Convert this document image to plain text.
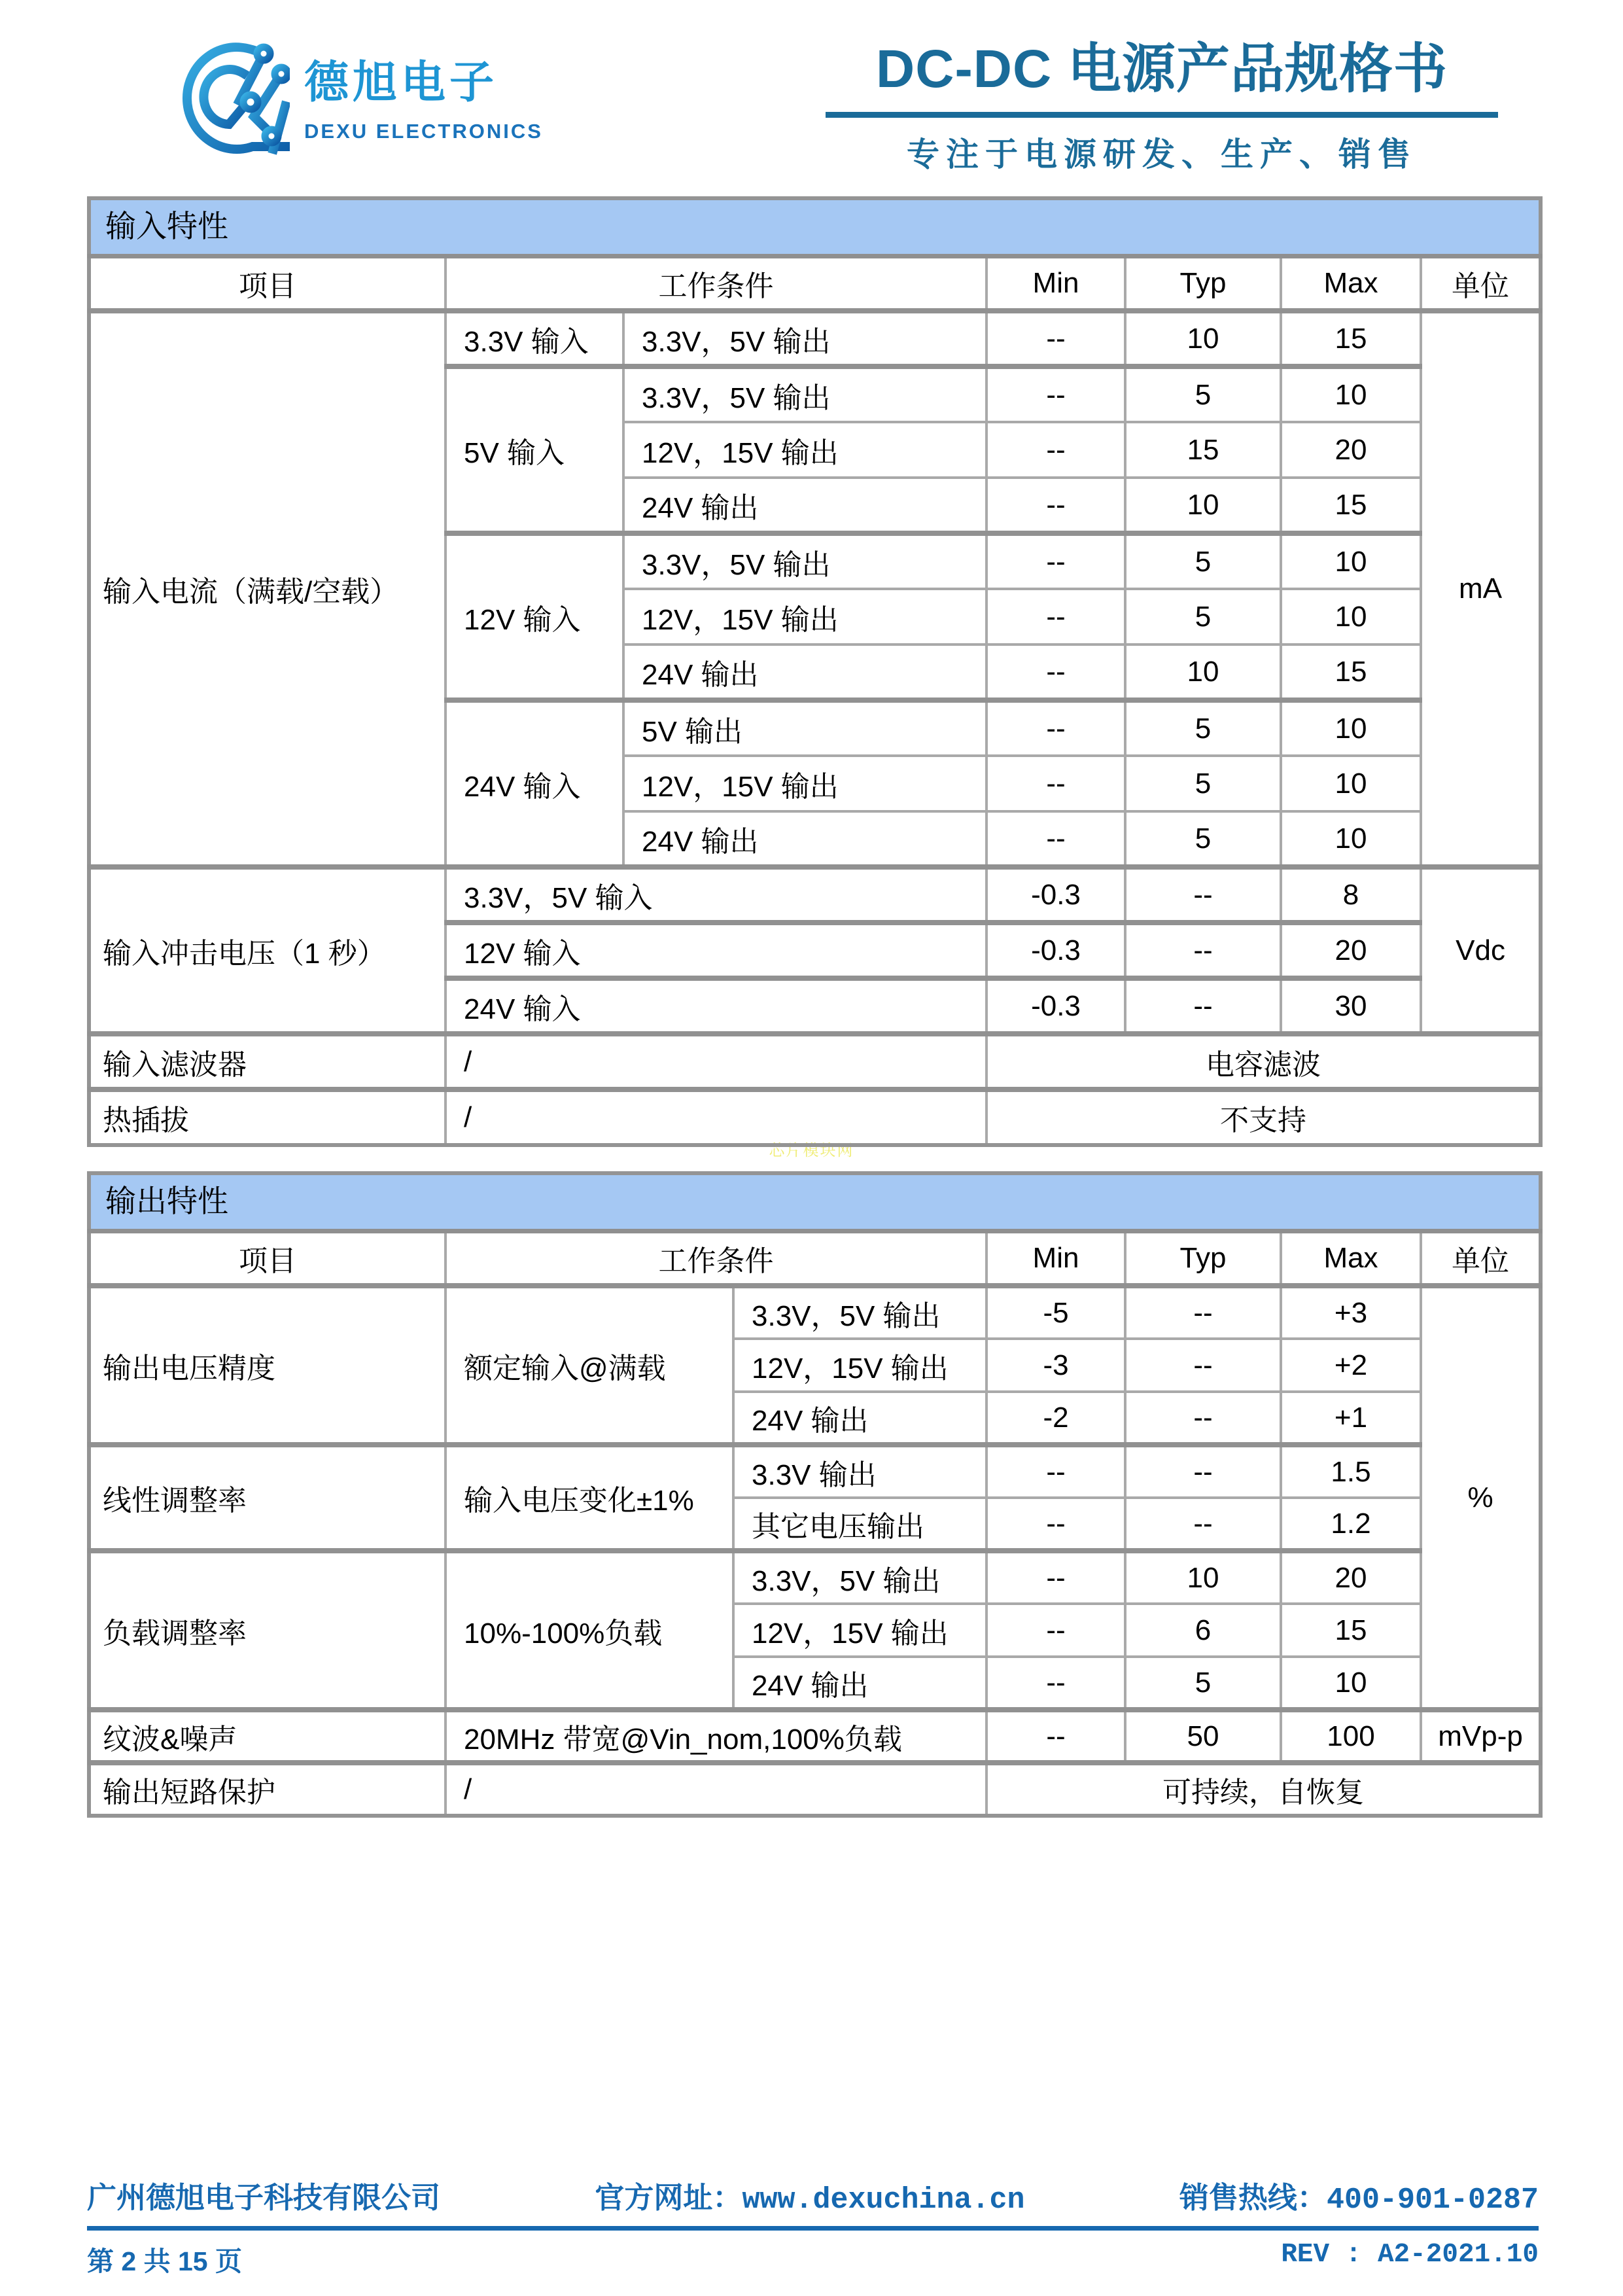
德旭电子
DEXU ELECTRONICS
DC-DC 电源产品规格书
专注于电源研发、生产、销售
芯片模块网
输入特性						
项目	工作条件		Min	Typ	Max	单位
输入电流（满载/空载）	3.3V 输入	3.3V，5V 输出	--	10	15	mA
	5V 输入	3.3V，5V 输出	--	5	10	
		12V，15V 输出	--	15	20	
		24V 输出	--	10	15	
	12V 输入	3.3V，5V 输出	--	5	10	
		12V，15V 输出	--	5	10	
		24V 输出	--	10	15	
	24V 输入	5V 输出	--	5	10	
		12V，15V 输出	--	5	10	
		24V 输出	--	5	10	
输入冲击电压（1 秒）	3.3V，5V 输入		-0.3	--	8	Vdc
	12V 输入		-0.3	--	20	
	24V 输入		-0.3	--	30	
输入滤波器	/		电容滤波			
热插拔	/		不支持			
输出特性						
项目	工作条件		Min	Typ	Max	单位
输出电压精度	额定输入@满载	3.3V，5V 输出	-5	--	+3	%
		12V，15V 输出	-3	--	+2	
		24V 输出	-2	--	+1	
线性调整率	输入电压变化±1%	3.3V 输出	--	--	1.5	
		其它电压输出	--	--	1.2	
负载调整率	10%-100%负载	3.3V，5V 输出	--	10	20	
		12V，15V 输出	--	6	15	
		24V 输出	--	5	10	
纹波&噪声	20MHz 带宽@Vin_nom,100%负载		--	50	100	mVp-p
输出短路保护	/		可持续，自恢复			
广州德旭电子科技有限公司	官方网址：www.dexuchina.cn	销售热线：400-901-0287
第 2 共 15 页	REV : A2-2021.10
